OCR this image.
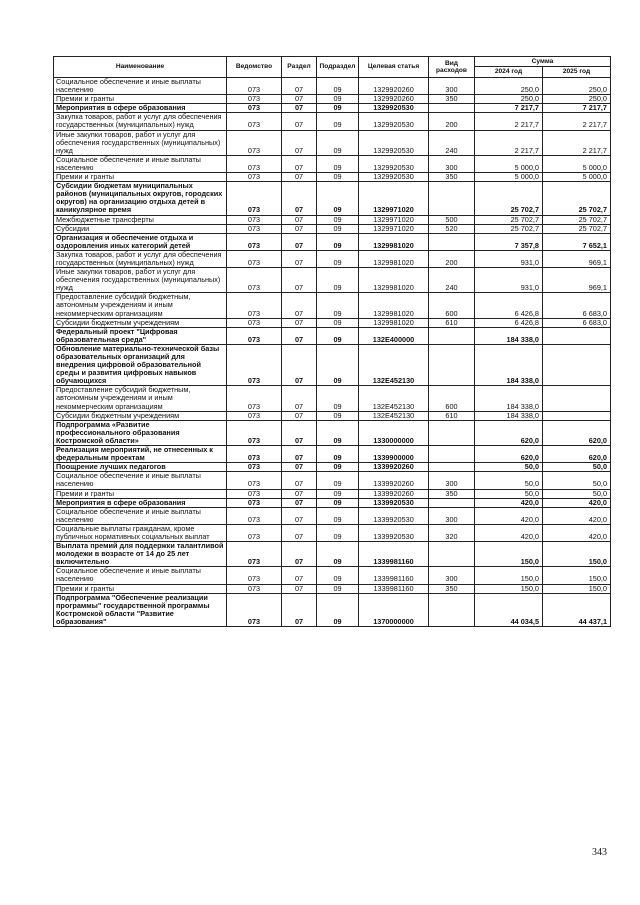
Наименование	Ведомство	Раздел	Подраздел	Целевая статья	Вид расходов	Сумма	
						2024 год	2025 год
Социальное обеспечение и иные выплаты населению	073	07	09	1329920260	300	250,0	250,0
Премии и гранты	073	07	09	1329920260	350	250,0	250,0
Мероприятия в сфере образования	073	07	09	1329920530		7 217,7	7 217,7
Закупка товаров, работ и услуг для обеспечения государственных (муниципальных) нужд	073	07	09	1329920530	200	2 217,7	2 217,7
Иные закупки товаров, работ и услуг для обеспечения государственных (муниципальных) нужд	073	07	09	1329920530	240	2 217,7	2 217,7
Социальное обеспечение и иные выплаты населению	073	07	09	1329920530	300	5 000,0	5 000,0
Премии и гранты	073	07	09	1329920530	350	5 000,0	5 000,0
Субсидии бюджетам муниципальных районов (муниципальных округов, городских округов) на организацию отдыха детей в каникулярное время	073	07	09	1329971020		25 702,7	25 702,7
Межбюджетные трансферты	073	07	09	1329971020	500	25 702,7	25 702,7
Субсидии	073	07	09	1329971020	520	25 702,7	25 702,7
Организация и обеспечение отдыха и оздоровления иных категорий детей	073	07	09	1329981020		7 357,8	7 652,1
Закупка товаров, работ и услуг для обеспечения государственных (муниципальных) нужд	073	07	09	1329981020	200	931,0	969,1
Иные закупки товаров, работ и услуг для обеспечения государственных (муниципальных) нужд	073	07	09	1329981020	240	931,0	969,1
Предоставление субсидий бюджетным, автономным учреждениям и иным некоммерческим организациям	073	07	09	1329981020	600	6 426,8	6 683,0
Субсидии бюджетным учреждениям	073	07	09	1329981020	610	6 426,8	6 683,0
Федеральный проект "Цифровая образовательная среда"	073	07	09	132Е400000		184 338,0	
Обновление материально-технической базы образовательных организаций для внедрения цифровой образовательной среды и развития цифровых навыков обучающихся	073	07	09	132Е452130		184 338,0	
Предоставление субсидий бюджетным, автономным учреждениям и иным некоммерческим организациям	073	07	09	132Е452130	600	184 338,0	
Субсидии бюджетным учреждениям	073	07	09	132Е452130	610	184 338,0	
Подпрограмма «Развитие профессионального образования Костромской области»	073	07	09	1330000000		620,0	620,0
Реализация мероприятий, не отнесенных к федеральным проектам	073	07	09	1339900000		620,0	620,0
Поощрение лучших педагогов	073	07	09	1339920260		50,0	50,0
Социальное обеспечение и иные выплаты населению	073	07	09	1339920260	300	50,0	50,0
Премии и гранты	073	07	09	1339920260	350	50,0	50,0
Мероприятия в сфере образования	073	07	09	1339920530		420,0	420,0
Социальное обеспечение и иные выплаты населению	073	07	09	1339920530	300	420,0	420,0
Социальные выплаты гражданам, кроме публичных нормативных социальных выплат	073	07	09	1339920530	320	420,0	420,0
Выплата премий для поддержки талантливой молодежи в возрасте от 14 до 25 лет включительно	073	07	09	1339981160		150,0	150,0
Социальное обеспечение и иные выплаты населению	073	07	09	1339981160	300	150,0	150,0
Премии и гранты	073	07	09	1339981160	350	150,0	150,0
Подпрограмма "Обеспечение реализации программы" государственной программы Костромской области "Развитие образования"	073	07	09	1370000000		44 034,5	44 437,1
343
